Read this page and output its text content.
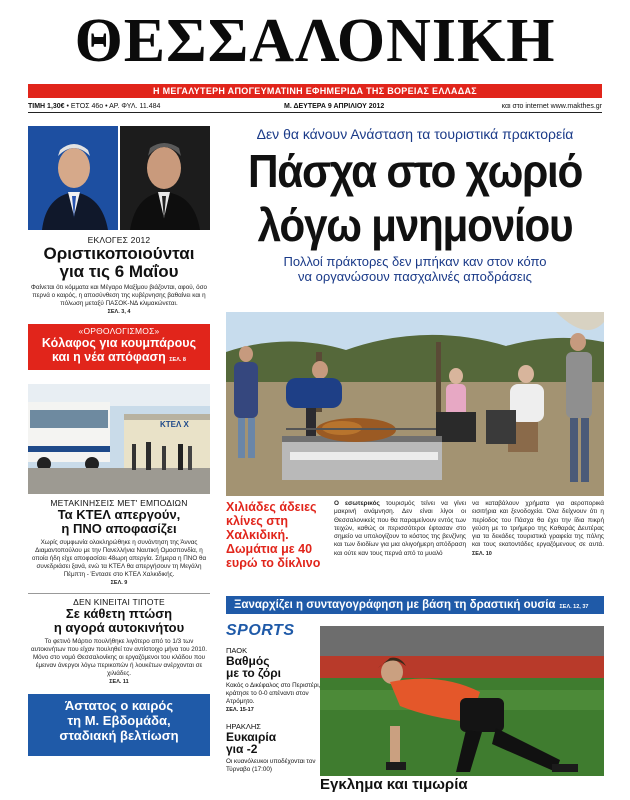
ΘΕΣΣΑΛΟΝΙΚΗ
Η ΜΕΓΑΛΥΤΕΡΗ ΑΠΟΓΕΥΜΑΤΙΝΗ ΕΦΗΜΕΡΙΔΑ ΤΗΣ ΒΟΡΕΙΑΣ ΕΛΛΑΔΑΣ
ΤΙΜΗ 1,30€ • ΕΤΟΣ 46ο • ΑΡ. ΦΥΛ. 11.484	Μ. ΔΕΥΤΕΡΑ 9 ΑΠΡΙΛΙΟΥ 2012	και στο internet www.makthes.gr
ΕΚΛΟΓΕΣ 2012
Οριστικοποιούνται
για τις 6 Μαΐου
Φαίνεται ότι κόμματα και Μέγαρο Μαξίμου βιάζονται, αφού, όσο περνά ο καιρός, η αποσύνθεση της κυβέρνησης βαθαίνει και η πόλωση μεταξύ ΠΑΣΟΚ-ΝΔ κλιμακώνεται.
ΣΕΛ. 3, 4
«ΟΡΘΟΛΟΓΙΣΜΟΣ»
Κόλαφος για κουμπάρους
και η νέα απόφαση ΣΕΛ. 8
ΚΤΕΛ Χ
ΜΕΤΑΚΙΝΗΣΕΙΣ ΜΕΤ' ΕΜΠΟΔΙΩΝ
Τα ΚΤΕΛ απεργούν,
η ΠΝΟ αποφασίζει
Χωρίς συμφωνία ολοκληρώθηκε η συνάντηση της Άννας Διαμαντοπούλου με την Πανελλήνια Ναυτική Ομοσπονδία, η οποία ήδη είχε αποφασίσει 48ωρη απεργία. Σήμερα η ΠΝΟ θα συνεδριάσει ξανά, ενώ τα ΚΤΕΛ θα απεργήσουν τη Μεγάλη Πέμπτη - Έντασε στο ΚΤΕΛ Χαλκιδικής.
ΣΕΛ. 9
ΔΕΝ ΚΙΝΕΙΤΑΙ ΤΙΠΟΤΕ
Σε κάθετη πτώση
η αγορά αυτοκινήτου
Το φετινό Μάρτιο πουλήθηκε λιγότερο από το 1/3 των αυτοκινήτων που είχαν πουληθεί τον αντίστοιχο μήνα του 2010. Μόνο στο νομό Θεσσαλονίκης οι εργαζόμενοι του κλάδου που έμειναν άνεργοι λόγω περικοπών ή λουκέτων ανέρχονται σε χιλιάδες.
ΣΕΛ. 11
Άστατος ο καιρός
τη Μ. Εβδομάδα,
σταδιακή βελτίωση
Δεν θα κάνουν Ανάσταση τα τουριστικά πρακτορεία
Πάσχα στο χωριό
λόγω μνημονίου
Πολλοί πράκτορες δεν μπήκαν καν στον κόπο
να οργανώσουν πασχαλινές αποδράσεις
Χιλιάδες άδειες κλίνες στη Χαλκιδική. Δωμάτια με 40 ευρώ το δίκλινο
Ο εσωτερικός τουρισμός τείνει να γίνει μακρινή ανάμνηση. Δεν είναι λίγοι οι Θεσσαλονικείς που θα παραμείνουν εντός των τειχών, καθώς οι περισσότεροι έφτασαν στο σημείο να υπολογίζουν το κόστος της βενζίνης και των διοδίων για μια ολιγοήμερη απόδραση και ούτε καν τους περνά από το μυαλό
να καταβάλουν χρήματα για αεροπορικά εισιτήρια και ξενοδοχεία. Όλα δείχνουν ότι η περίοδος του Πάσχα θα έχει την ίδια πικρή γεύση με το τριήμερο της Καθαράς Δευτέρας για τα δεκάδες τουριστικά γραφεία της πόλης και τους εκατοντάδες εργαζόμενους σε αυτά. ΣΕΛ. 10
Ξαναρχίζει η συνταγογράφηση με βάση τη δραστική ουσία ΣΕΛ. 12, 37
SPORTS
ΠΑΟΚ
Βαθμός
με το ζόρι
Κακός ο Δικέφαλος στο Περιστέρι, κράτησε το 0-0 απέναντι στον Ατρόμητο.
ΣΕΛ. 15-17
ΗΡΑΚΛΗΣ
Ευκαιρία
για -2
Οι κυανόλευκοι υποδέχονται τον Τύρναβο (17:00)
Εγκλημα και τιμωρία
